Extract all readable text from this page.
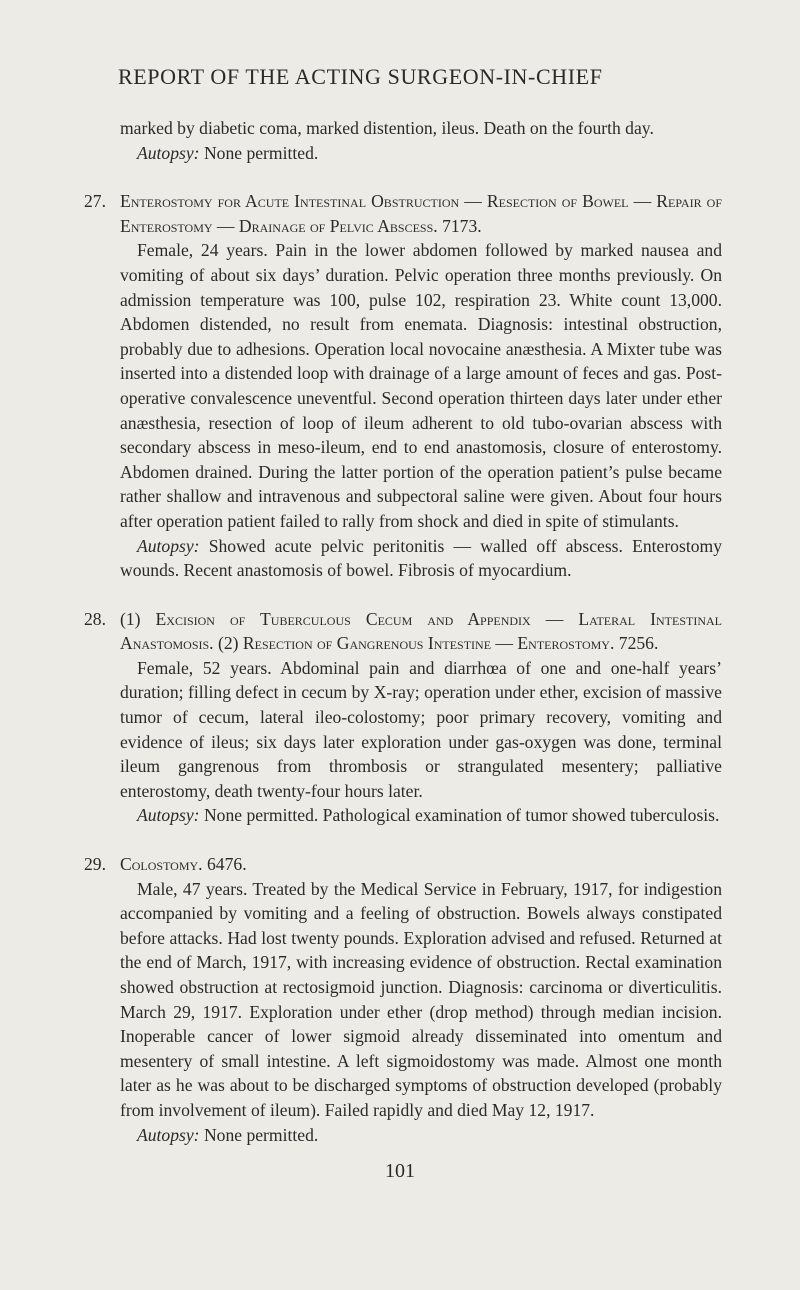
REPORT OF THE ACTING SURGEON-IN-CHIEF

marked by diabetic coma, marked distention, ileus. Death on the fourth day.

Autopsy: None permitted.

27. Enterostomy for Acute Intestinal Obstruction — Resection of Bowel — Repair of Enterostomy — Drainage of Pelvic Abscess. 7173.

Female, 24 years. Pain in the lower abdomen followed by marked nausea and vomiting of about six days’ duration. Pelvic operation three months previously. On admission temperature was 100, pulse 102, respiration 23. White count 13,000. Abdomen distended, no result from enemata. Diagnosis: intestinal obstruction, probably due to adhesions. Operation local novocaine anæsthesia. A Mixter tube was inserted into a distended loop with drainage of a large amount of feces and gas. Post-operative convalescence uneventful. Second operation thirteen days later under ether anæsthesia, resection of loop of ileum adherent to old tubo-ovarian abscess with secondary abscess in meso-ileum, end to end anastomosis, closure of enterostomy. Abdomen drained. During the latter portion of the operation patient’s pulse became rather shallow and intravenous and subpectoral saline were given. About four hours after operation patient failed to rally from shock and died in spite of stimulants.

Autopsy: Showed acute pelvic peritonitis — walled off abscess. Enterostomy wounds. Recent anastomosis of bowel. Fibrosis of myocardium.

28. (1) Excision of Tuberculous Cecum and Appendix — Lateral Intestinal Anastomosis. (2) Resection of Gangrenous Intestine — Enterostomy. 7256.

Female, 52 years. Abdominal pain and diarrhœa of one and one-half years’ duration; filling defect in cecum by X-ray; operation under ether, excision of massive tumor of cecum, lateral ileo-colostomy; poor primary recovery, vomiting and evidence of ileus; six days later exploration under gas-oxygen was done, terminal ileum gangrenous from thrombosis or strangulated mesentery; palliative enterostomy, death twenty-four hours later.

Autopsy: None permitted. Pathological examination of tumor showed tuberculosis.

29. Colostomy. 6476.

Male, 47 years. Treated by the Medical Service in February, 1917, for indigestion accompanied by vomiting and a feeling of obstruction. Bowels always constipated before attacks. Had lost twenty pounds. Exploration advised and refused. Returned at the end of March, 1917, with increasing evidence of obstruction. Rectal examination showed obstruction at rectosigmoid junction. Diagnosis: carcinoma or diverticulitis. March 29, 1917. Exploration under ether (drop method) through median incision. Inoperable cancer of lower sigmoid already disseminated into omentum and mesentery of small intestine. A left sigmoidostomy was made. Almost one month later as he was about to be discharged symptoms of obstruction developed (probably from involvement of ileum). Failed rapidly and died May 12, 1917.

Autopsy: None permitted.

101
